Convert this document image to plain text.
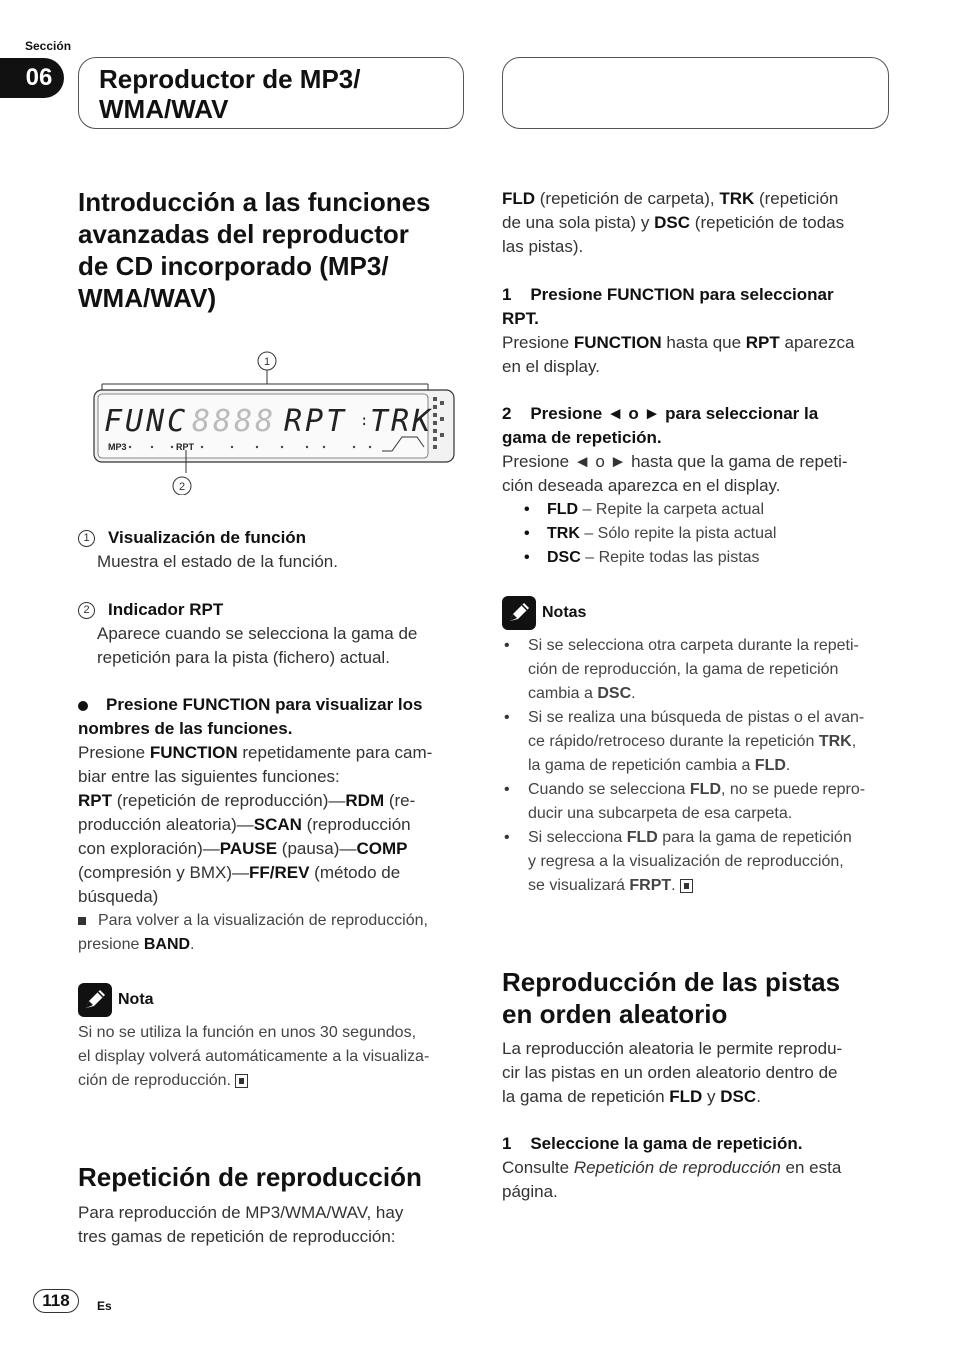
Sección
06 Reproductor de MP3/
WMA/WAV
Introducción a las funciones
avanzadas del reproductor
de CD incorporado (MP3/
WMA/WAV)
1
FUNC 8888 RPT : TRK
MP3	RPT
2
1 Visualización de función
Muestra el estado de la función.
2 Indicador RPT
Aparece cuando se selecciona la gama de
repetición para la pista (fichero) actual.
Presione FUNCTION para visualizar los
nombres de las funciones.
Presione FUNCTION repetidamente para cam-
biar entre las siguientes funciones:
RPT (repetición de reproducción)—RDM (re-
producción aleatoria)—SCAN (reproducción
con exploración)—PAUSE (pausa)—COMP
(compresión y BMX)—FF/REV (método de
búsqueda)
Para volver a la visualización de reproducción,
presione BAND.
Nota
Si no se utiliza la función en unos 30 segundos,
el display volverá automáticamente a la visualiza-
ción de reproducción.
Repetición de reproducción
Para reproducción de MP3/WMA/WAV, hay
tres gamas de repetición de reproducción:
FLD (repetición de carpeta), TRK (repetición
de una sola pista) y DSC (repetición de todas
las pistas).
1    Presione FUNCTION para seleccionar
RPT.
Presione FUNCTION hasta que RPT aparezca
en el display.
2    Presione ◄ o ► para seleccionar la
gama de repetición.
Presione ◄ o ► hasta que la gama de repeti-
ción deseada aparezca en el display.
• FLD – Repite la carpeta actual
• TRK – Sólo repite la pista actual
• DSC – Repite todas las pistas
Notas
• Si se selecciona otra carpeta durante la repeti-
ción de reproducción, la gama de repetición
cambia a DSC.
• Si se realiza una búsqueda de pistas o el avan-
ce rápido/retroceso durante la repetición TRK,
la gama de repetición cambia a FLD.
• Cuando se selecciona FLD, no se puede repro-
ducir una subcarpeta de esa carpeta.
• Si selecciona FLD para la gama de repetición
y regresa a la visualización de reproducción,
se visualizará FRPT.
Reproducción de las pistas
en orden aleatorio
La reproducción aleatoria le permite reprodu-
cir las pistas en un orden aleatorio dentro de
la gama de repetición FLD y DSC.
1    Seleccione la gama de repetición.
Consulte Repetición de reproducción en esta
página.
118	Es
